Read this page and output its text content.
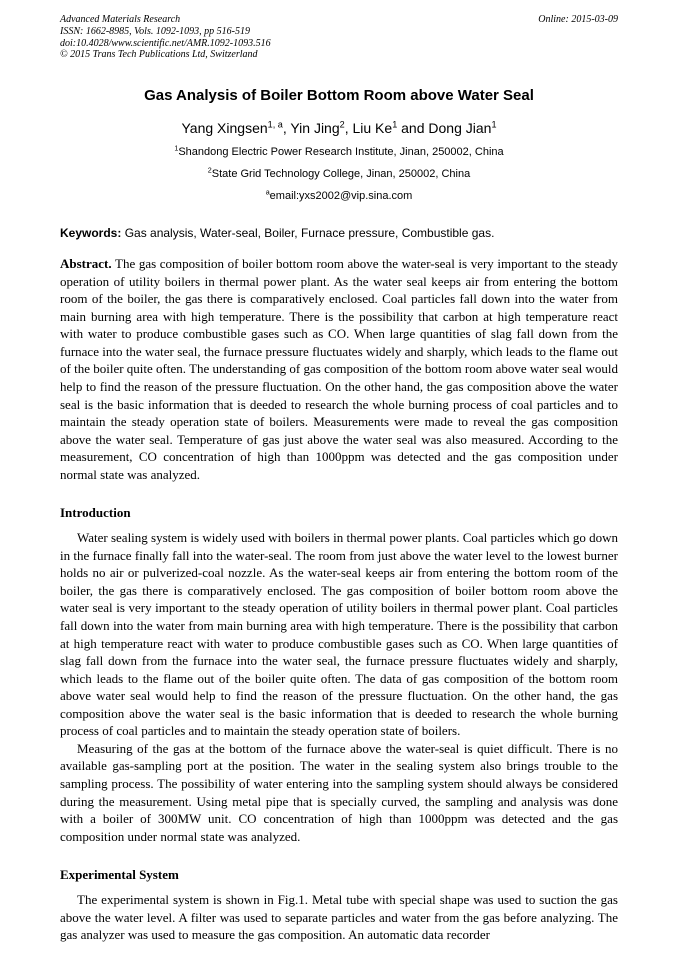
Advanced Materials Research
ISSN: 1662-8985, Vols. 1092-1093, pp 516-519
doi:10.4028/www.scientific.net/AMR.1092-1093.516
© 2015 Trans Tech Publications Ltd, Switzerland
Online: 2015-03-09
Gas Analysis of Boiler Bottom Room above Water Seal
Yang Xingsen$^{1, a}$, Yin Jing$^2$, Liu Ke$^1$ and Dong Jian$^1$
$^1$Shandong Electric Power Research Institute, Jinan, 250002, China
$^2$State Grid Technology College, Jinan, 250002, China
$^a$email:yxs2002@vip.sina.com

Keywords: Gas analysis, Water-seal, Boiler, Furnace pressure, Combustible gas.

Abstract. The gas composition of boiler bottom room above the water-seal is very important to the steady operation of utility boilers in thermal power plant. As the water seal keeps air from entering the bottom room of the boiler, the gas there is comparatively enclosed. Coal particles fall down into the water from main burning area with high temperature. There is the possibility that carbon at high temperature react with water to produce combustible gases such as CO. When large quantities of slag fall down from the furnace into the water seal, the furnace pressure fluctuates widely and sharply, which leads to the flame out of the boiler quite often. The understanding of gas composition of the bottom room above water seal would help to find the reason of the pressure fluctuation. On the other hand, the gas composition above the water seal is the basic information that is deeded to research the whole burning process of coal particles and to maintain the steady operation state of boilers. Measurements were made to reveal the gas composition above the water seal. Temperature of gas just above the water seal was also measured. According to the measurement, CO concentration of high than 1000ppm was detected and the gas composition under normal state was analyzed.

Introduction

Water sealing system is widely used with boilers in thermal power plants. Coal particles which go down in the furnace finally fall into the water-seal. The room from just above the water level to the lowest burner holds no air or pulverized-coal nozzle. As the water-seal keeps air from entering the bottom room of the boiler, the gas there is comparatively enclosed. The gas composition of boiler bottom room above the water seal is very important to the steady operation of utility boilers in thermal power plant. Coal particles fall down into the water from main burning area with high temperature. There is the possibility that carbon at high temperature react with water to produce combustible gases such as CO. When large quantities of slag fall down from the furnace into the water seal, the furnace pressure fluctuates widely and sharply, which leads to the flame out of the boiler quite often. The data of gas composition of the bottom room above water seal would help to find the reason of the pressure fluctuation. On the other hand, the gas composition above the water seal is the basic information that is deeded to research the whole burning process of coal particles and to maintain the steady operation state of boilers.

Measuring of the gas at the bottom of the furnace above the water-seal is quiet difficult. There is no available gas-sampling port at the position. The water in the sealing system also brings trouble to the sampling process. The possibility of water entering into the sampling system should always be considered during the measurement. Using metal pipe that is specially curved, the sampling and analysis was done with a boiler of 300MW unit. CO concentration of high than 1000ppm was detected and the gas composition under normal state was analyzed.

Experimental System

The experimental system is shown in Fig.1. Metal tube with special shape was used to suction the gas above the water level. A filter was used to separate particles and water from the gas before analyzing. The gas analyzer was used to measure the gas composition. An automatic data recorder
